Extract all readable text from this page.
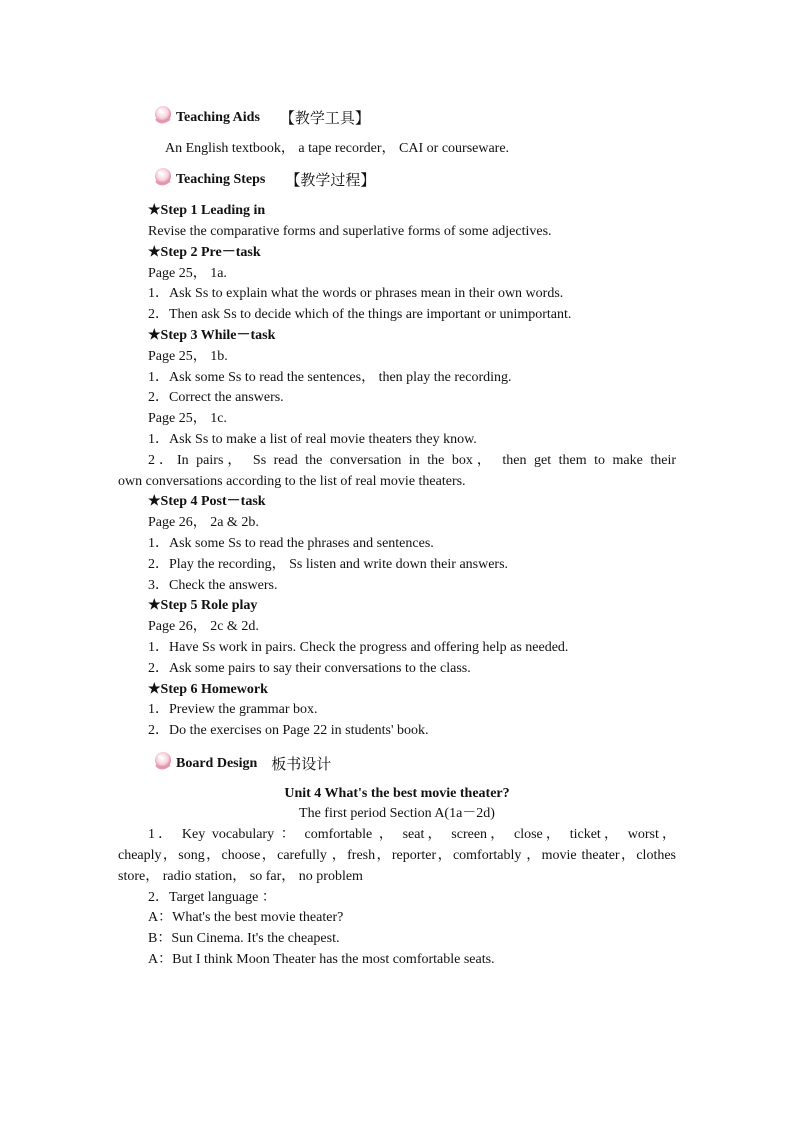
Teaching Aids 【教学工具】
An English textbook， a tape recorder， CAI or courseware.
Teaching Steps 【教学过程】
★Step 1 Leading in
Revise the comparative forms and superlative forms of some adjectives.
★Step 2 Pre－task
Page 25， 1a.
1．Ask Ss to explain what the words or phrases mean in their own words.
2．Then ask Ss to decide which of the things are important or unimportant.
★Step 3 While－task
Page 25， 1b.
1．Ask some Ss to read the sentences， then play the recording.
2．Correct the answers.
Page 25， 1c.
1．Ask Ss to make a list of real movie theaters they know.
2．In pairs， Ss read the conversation in the box， then get them to make their
own conversations according to the list of real movie theaters.
★Step 4 Post－task
Page 26， 2a & 2b.
1．Ask some Ss to read the phrases and sentences.
2．Play the recording， Ss listen and write down their answers.
3．Check the answers.
★Step 5 Role play
Page 26， 2c & 2d.
1．Have Ss work in pairs. Check the progress and offering help as needed.
2．Ask some pairs to say their conversations to the class.
★Step 6 Homework
1．Preview the grammar box.
2．Do the exercises on Page 22 in students' book.
Board Design 板书设计
Unit 4 What's the best movie theater?
The first period Section A(1a－2d)
1． Key vocabulary ： comfortable ， seat， screen， close， ticket， worst，
cheaply，song，choose，carefully ，fresh，reporter，comfortably ，movie theater，clothes
store， radio station， so far， no problem
2．Target language ：
A：What's the best movie theater?
B：Sun Cinema. It's the cheapest.
A：But I think Moon Theater has the most comfortable seats.
